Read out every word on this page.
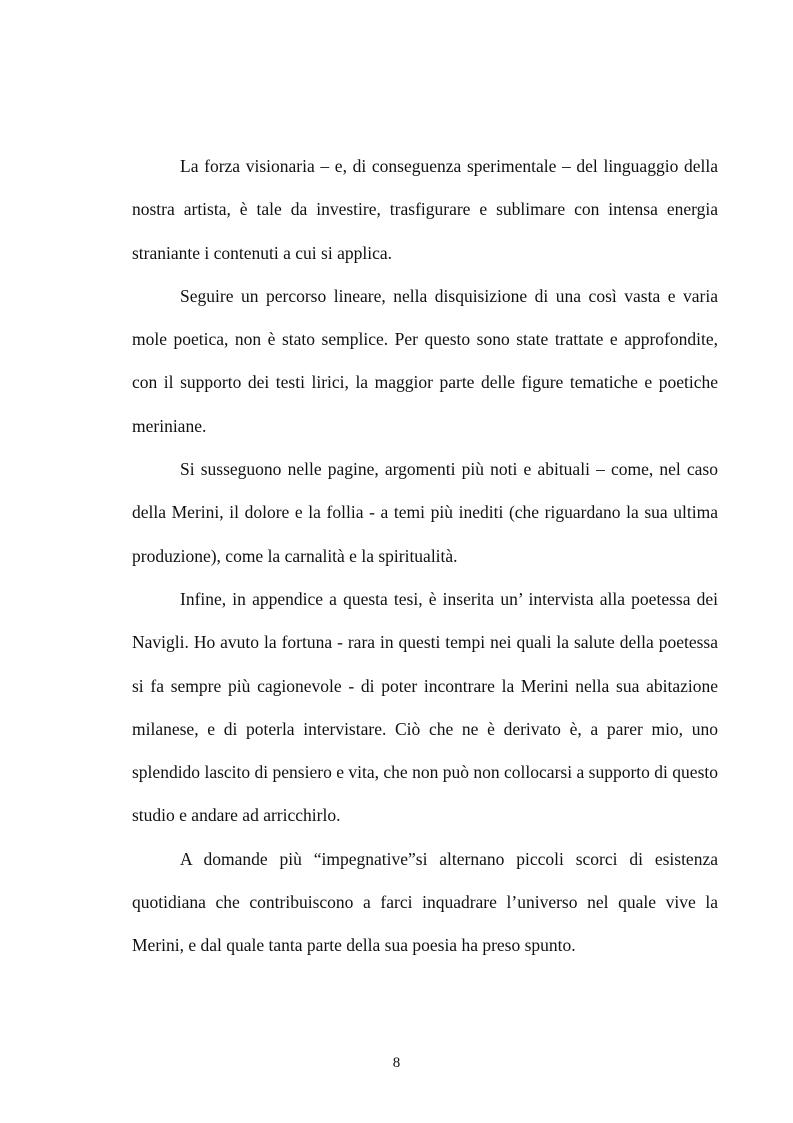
La forza visionaria – e, di conseguenza sperimentale – del linguaggio della nostra artista, è tale da investire, trasfigurare e sublimare con intensa energia straniante i contenuti a cui si applica.

Seguire un percorso lineare, nella disquisizione di una così vasta e varia mole poetica, non è stato semplice. Per questo sono state trattate e approfondite, con il supporto dei testi lirici, la maggior parte delle figure tematiche e poetiche meriniane.

Si susseguono nelle pagine, argomenti più noti e abituali – come, nel caso della Merini, il dolore e la follia - a temi più inediti (che riguardano la sua ultima produzione), come la carnalità e la spiritualità.

Infine, in appendice a questa tesi, è inserita un’ intervista alla poetessa dei Navigli. Ho avuto la fortuna - rara in questi tempi nei quali la salute della poetessa si fa sempre più cagionevole - di poter incontrare la Merini nella sua abitazione milanese, e di poterla intervistare. Ciò che ne è derivato è, a parer mio, uno splendido lascito di pensiero e vita, che non può non collocarsi a supporto di questo studio e andare ad arricchirlo.

A domande più “impegnative”si alternano piccoli scorci di esistenza quotidiana che contribuiscono a farci inquadrare l’universo nel quale vive la Merini, e dal quale tanta parte della sua poesia ha preso spunto.

8
